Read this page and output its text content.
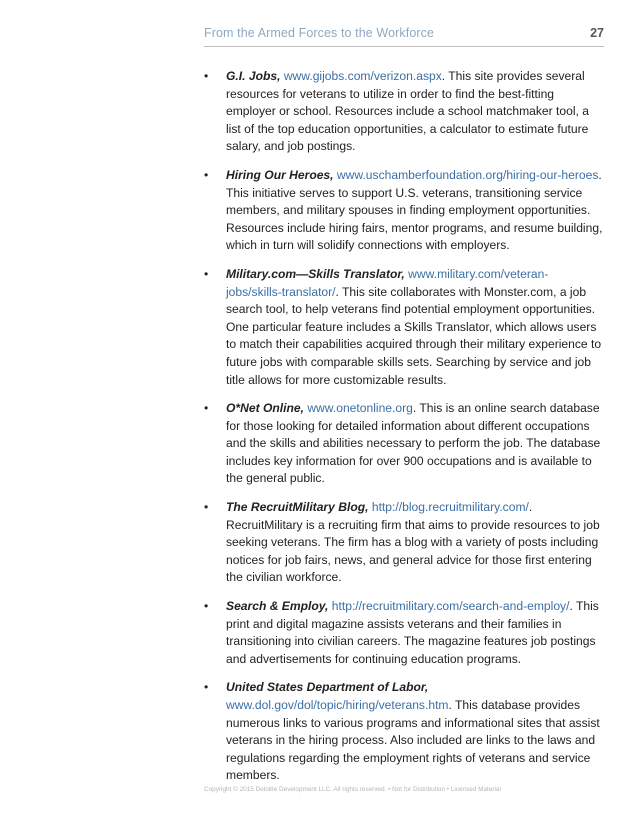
From the Armed Forces to the Workforce	27
• G.I. Jobs, www.gijobs.com/verizon.aspx. This site provides several resources for veterans to utilize in order to find the best-fitting employer or school. Resources include a school matchmaker tool, a list of the top education opportunities, a calculator to estimate future salary, and job postings.
• Hiring Our Heroes, www.uschamberfoundation.org/hiring-our-heroes. This initiative serves to support U.S. veterans, transitioning service members, and military spouses in finding employment opportunities. Resources include hiring fairs, mentor programs, and resume building, which in turn will solidify connections with employers.
• Military.com—Skills Translator, www.military.com/veteran-jobs/skills-translator/. This site collaborates with Monster.com, a job search tool, to help veterans find potential employment opportunities. One particular feature includes a Skills Translator, which allows users to match their capabilities acquired through their military experience to future jobs with comparable skills sets. Searching by service and job title allows for more customizable results.
• O*Net Online, www.onetonline.org. This is an online search database for those looking for detailed information about different occupations and the skills and abilities necessary to perform the job. The database includes key information for over 900 occupations and is available to the general public.
• The RecruitMilitary Blog, http://blog.recruitmilitary.com/. RecruitMilitary is a recruiting firm that aims to provide resources to job seeking veterans. The firm has a blog with a variety of posts including notices for job fairs, news, and general advice for those first entering the civilian workforce.
• Search & Employ, http://recruitmilitary.com/search-and-employ/. This print and digital magazine assists veterans and their families in transitioning into civilian careers. The magazine features job postings and advertisements for continuing education programs.
• United States Department of Labor, www.dol.gov/dol/topic/hiring/veterans.htm. This database provides numerous links to various programs and informational sites that assist veterans in the hiring process. Also included are links to the laws and regulations regarding the employment rights of veterans and service members.
Copyright © 2015 Deloitte Development LLC. All rights reserved. • Not for Distribution • Licensed Material
